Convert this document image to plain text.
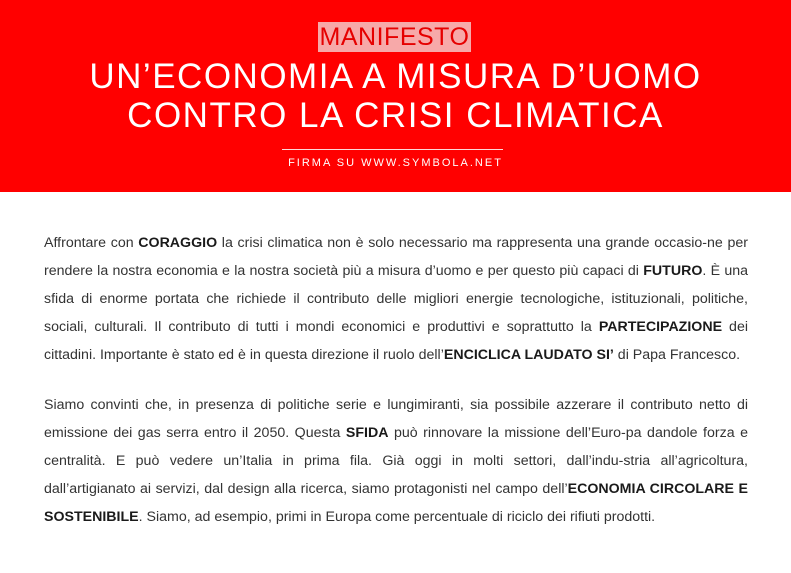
MANIFESTO
UN’ECONOMIA A MISURA D’UOMO
CONTRO LA CRISI CLIMATICA
FIRMA SU WWW.SYMBOLA.NET

Affrontare con CORAGGIO la crisi climatica non è solo necessario ma rappresenta una grande occasio-ne per rendere la nostra economia e la nostra società più a misura d’uomo e per questo più capaci di FUTURO. È una sfida di enorme portata che richiede il contributo delle migliori energie tecnologiche, istituzionali, politiche, sociali, culturali. Il contributo di tutti i mondi economici e produttivi e soprattutto la PARTECIPAZIONE dei cittadini. Importante è stato ed è in questa direzione il ruolo dell’ENCICLICA LAUDATO SI’ di Papa Francesco.

Siamo convinti che, in presenza di politiche serie e lungimiranti, sia possibile azzerare il contributo netto di emissione dei gas serra entro il 2050. Questa SFIDA può rinnovare la missione dell’Euro-pa dandole forza e centralità. E può vedere un’Italia in prima fila. Già oggi in molti settori, dall’indu-stria all’agricoltura, dall’artigianato ai servizi, dal design alla ricerca, siamo protagonisti nel campo dell’ECONOMIA CIRCOLARE E SOSTENIBILE. Siamo, ad esempio, primi in Europa come percentuale di riciclo dei rifiuti prodotti.
